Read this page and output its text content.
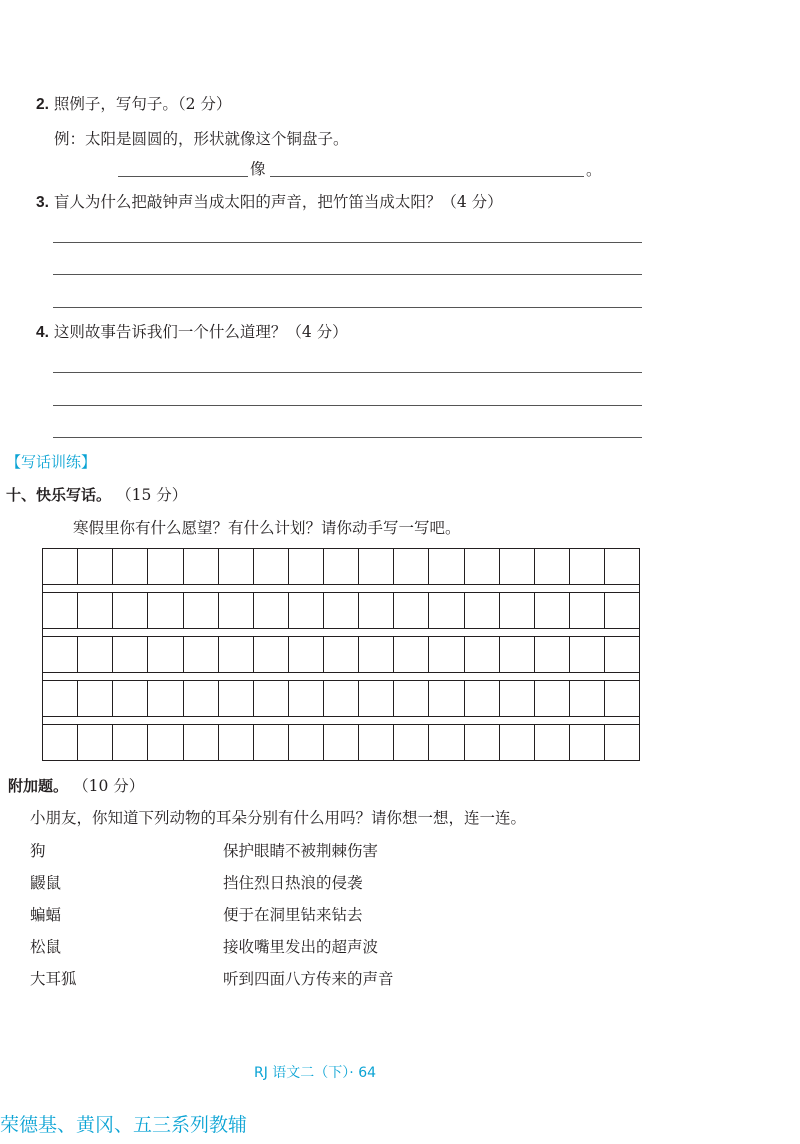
2. 照例子，写句子。（2 分）
例：太阳是圆圆的，形状就像这个铜盘子。
像	。
3. 盲人为什么把敲钟声当成太阳的声音，把竹笛当成太阳？（4 分）
4. 这则故事告诉我们一个什么道理？（4 分）
【写话训练】
十、快乐写话。 （15 分）
寒假里你有什么愿望？有什么计划？请你动手写一写吧。
附加题。 （10 分）
小朋友，你知道下列动物的耳朵分别有什么用吗？请你想一想，连一连。
狗
鼹鼠
蝙蝠
松鼠
大耳狐
保护眼睛不被荆棘伤害
挡住烈日热浪的侵袭
便于在洞里钻来钻去
接收嘴里发出的超声波
听到四面八方传来的声音
RJ 语文二（下）· 64
荣德基、黄冈、五三系列教辅
